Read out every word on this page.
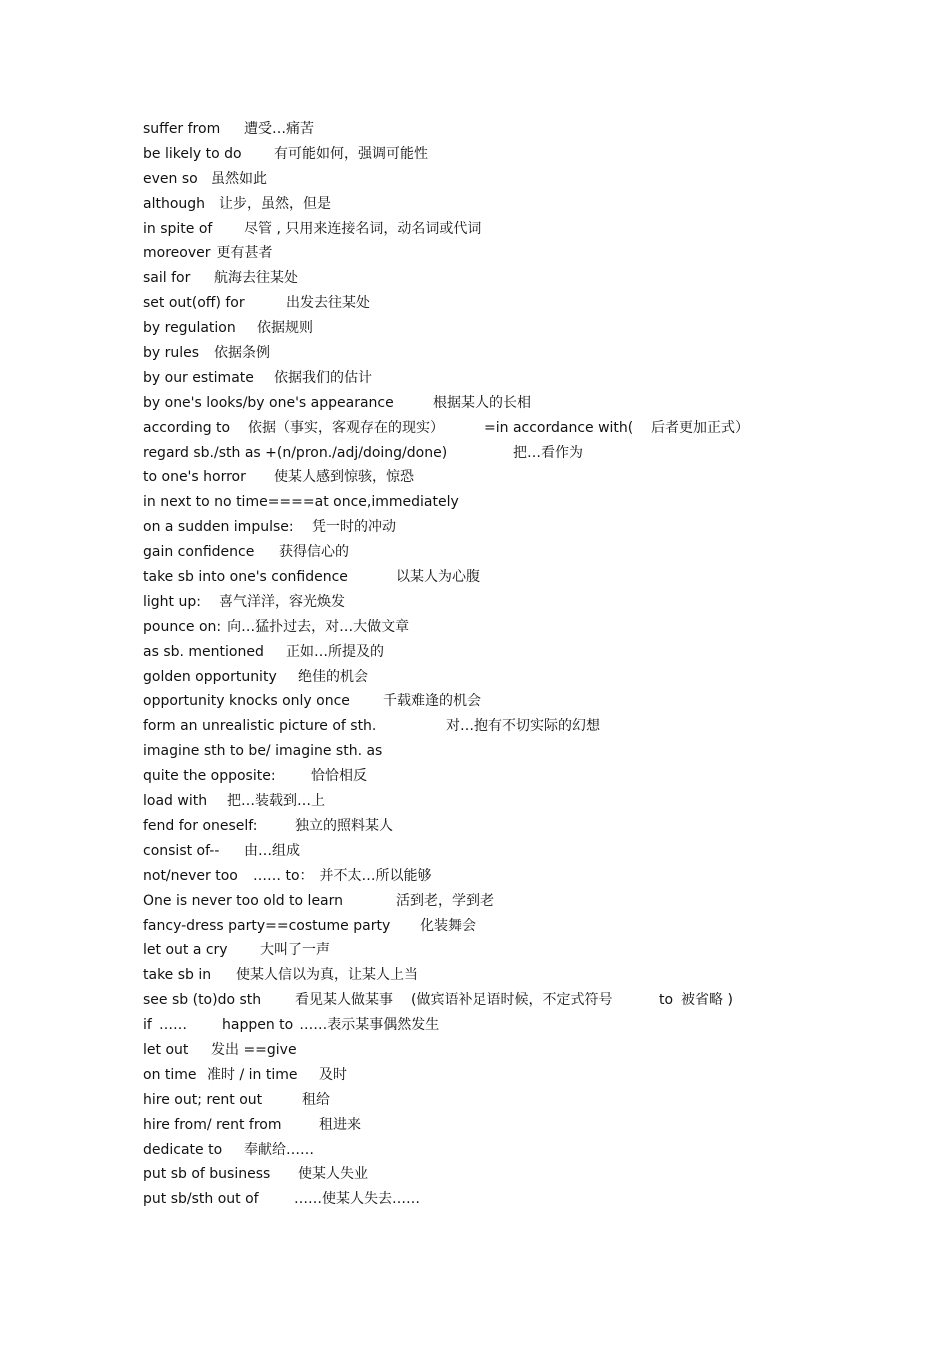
suffer from 遭受…痛苦
be likely to do 有可能如何，强调可能性
even so 虽然如此
although 让步，虽然，但是
in spite of 尽管 , 只用来连接名词，动名词或代词
moreover 更有甚者
sail for 航海去往某处
set out(off) for	出发去往某处
by regulation 依据规则
by rules 依据条例
by our estimate 依据我们的估计
by one's looks/by one's appearance	根据某人的长相
according to 依据（事实，客观存在的现实）	=in accordance with( 后者更加正式）
regard sb./sth as +(n/pron./adj/doing/done)	把…看作为
to one's horror 使某人感到惊骇，惊恐
in next to no time====at once,immediately
on a sudden impulse: 凭一时的冲动
gain confidence 获得信心的
take sb into one's confidence	以某人为心腹
light up: 喜气洋洋，容光焕发
pounce on: 向…猛扑过去，对…大做文章
as sb. mentioned 正如…所提及的
golden opportunity 绝佳的机会
opportunity knocks only once 千载难逢的机会
form an unrealistic picture of sth.	对…抱有不切实际的幻想
imagine sth to be/ imagine sth. as
quite the opposite:	恰恰相反
load with 把…装载到…上
fend for oneself:	独立的照料某人
consist of-- 由…组成
not/never too …… to： 并不太…所以能够
One is never too old to learn	活到老，学到老
fancy-dress party==costume party 化装舞会
let out a cry 大叫了一声
take sb in 使某人信以为真，让某人上当
see sb (to)do sth 看见某人做某事 (做宾语补足语时候，不定式符号	to 被省略 )
if ……	happen to ……表示某事偶然发生
let out 发出 ==give
on time 准时 / in time 及时
hire out; rent out	租给
hire from/ rent from	租进来
dedicate to 奉献给……
put sb of business 使某人失业
put sb/sth out of	……使某人失去……
